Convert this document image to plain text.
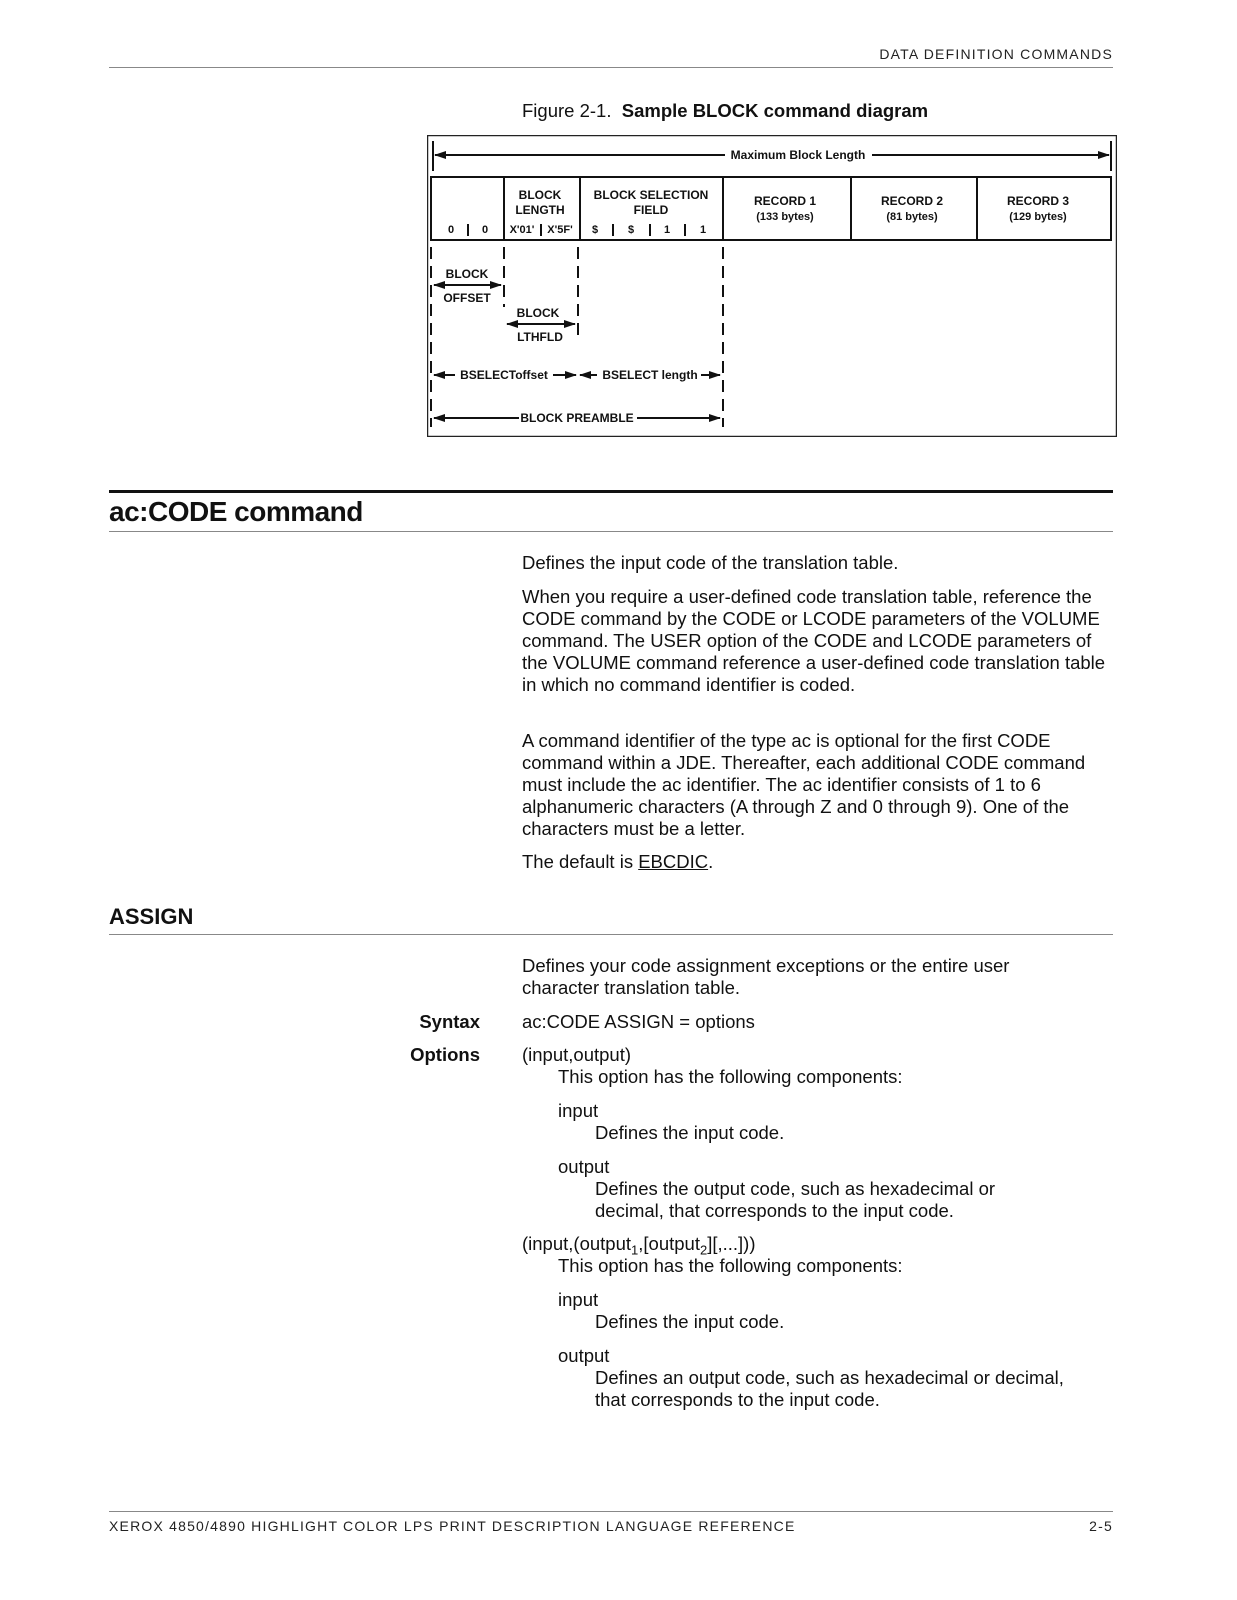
DATA DEFINITION COMMANDS
Figure 2-1. Sample BLOCK command diagram
Maximum Block Length
BLOCK
LENGTH
BLOCK SELECTION
FIELD
RECORD 1
(133 bytes)
RECORD 2
(81 bytes)
RECORD 3
(129 bytes)
0	0 X'01' X'5F' $	$	1	1
BLOCK
OFFSET
BLOCK
LTHFLD
BSELECToffset	BSELECT length
BLOCK PREAMBLE
ac:CODE command
Defines the input code of the translation table.
When you require a user-defined code translation table, reference the CODE command by the CODE or LCODE parameters of the VOLUME command. The USER option of the CODE and LCODE parameters of the VOLUME command reference a user-defined code translation table in which no command identifier is coded.
A command identifier of the type ac is optional for the first CODE command within a JDE. Thereafter, each additional CODE command must include the ac identifier. The ac identifier consists of 1 to 6 alphanumeric characters (A through Z and 0 through 9). One of the characters must be a letter.
The default is EBCDIC.
ASSIGN
Defines your code assignment exceptions or the entire user character translation table.
Syntax ac:CODE ASSIGN = options
Options (input,output)
This option has the following components:
input
Defines the input code.
output
Defines the output code, such as hexadecimal or decimal, that corresponds to the input code.
(input,(output$_1$,[output$_2$][,...]))
This option has the following components:
input
Defines the input code.
output
Defines an output code, such as hexadecimal or decimal, that corresponds to the input code.
XEROX 4850/4890 HIGHLIGHT COLOR LPS PRINT DESCRIPTION LANGUAGE REFERENCE	2-5
